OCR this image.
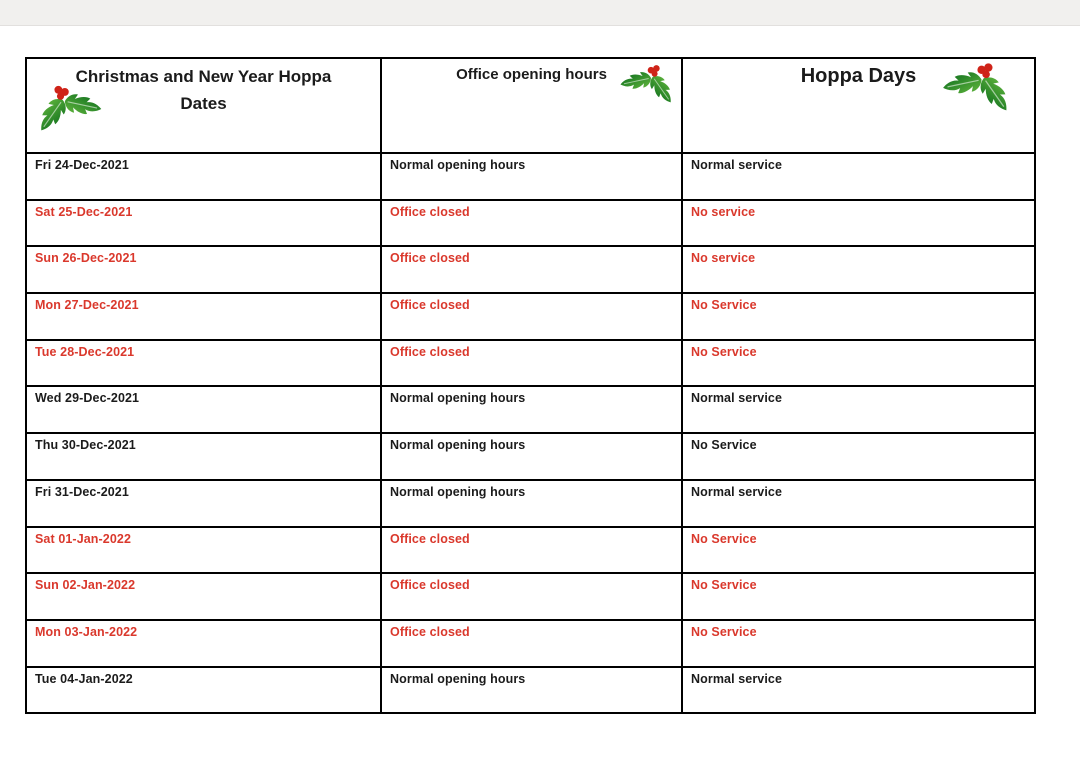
Christmas and New Year Hoppa Dates	Office opening hours	Hoppa Days

Fri 24-Dec-2021	Normal opening hours	Normal service
Sat 25-Dec-2021	Office closed	No service
Sun 26-Dec-2021	Office closed	No service
Mon 27-Dec-2021	Office closed	No Service
Tue 28-Dec-2021	Office closed	No Service
Wed 29-Dec-2021	Normal opening hours	Normal service
Thu 30-Dec-2021	Normal opening hours	No Service
Fri 31-Dec-2021	Normal opening hours	Normal service
Sat 01-Jan-2022	Office closed	No Service
Sun 02-Jan-2022	Office closed	No Service
Mon 03-Jan-2022	Office closed	No Service
Tue 04-Jan-2022	Normal opening hours	Normal service
